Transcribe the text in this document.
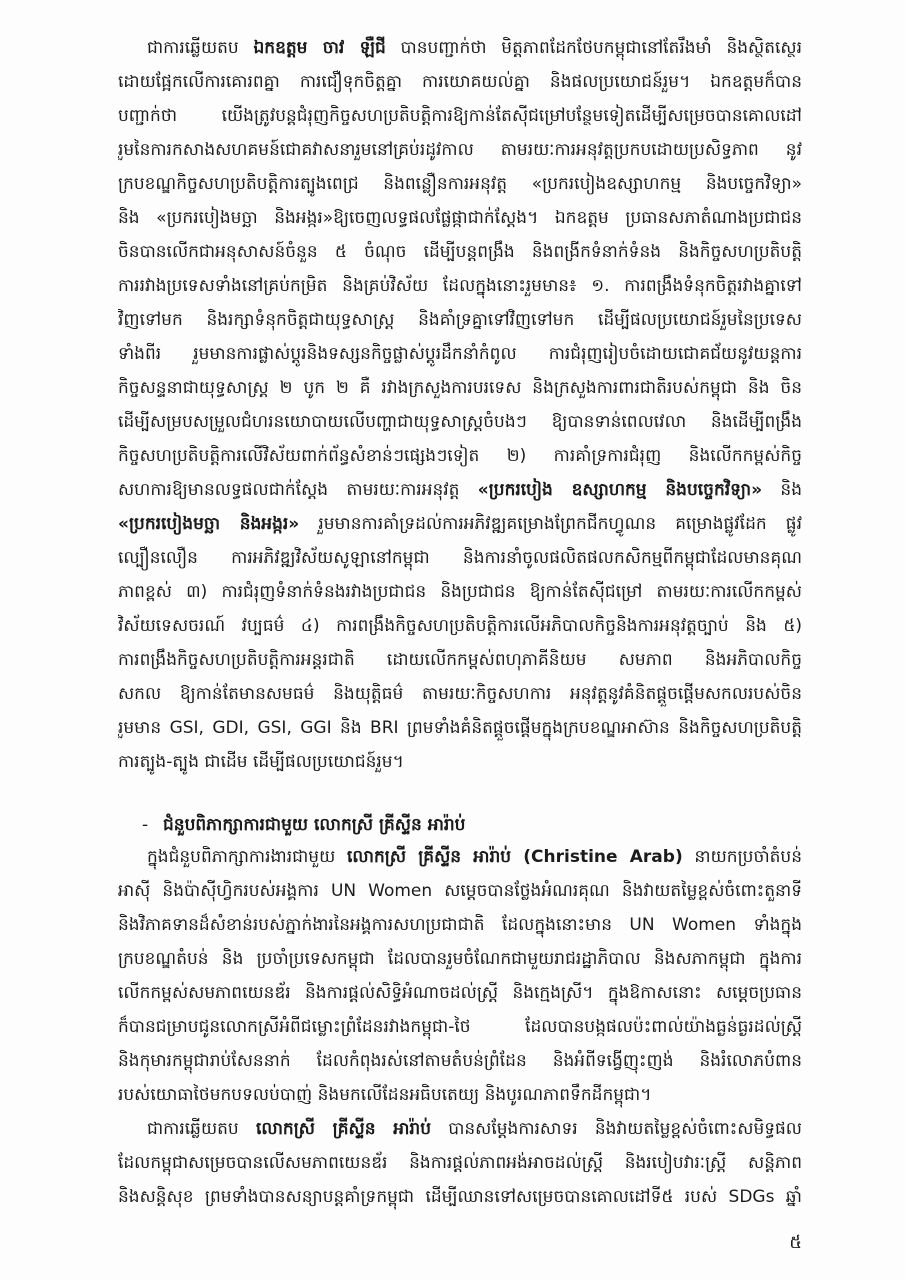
ជាការឆ្លើយតប ឯកឧត្តម ចាវ ឡឺជី បានបញ្ជាក់ថា មិត្តភាពដែកថែបកម្ពុជានៅតែរឹងមាំ និងស្ថិតស្ថេរ
ដោយផ្អែកលើការគោរពគ្នា ការជឿទុកចិត្តគ្នា ការយោគយល់គ្នា និងផលប្រយោជន៍រួម។ ឯកឧត្តមក៏បាន
បញ្ជាក់ថា យើងត្រូវបន្តជំរុញកិច្ចសហប្រតិបត្តិការឱ្យកាន់តែស៊ីជម្រៅបន្ថែមទៀតដើម្បីសម្រេចបានគោលដៅ
រួមនៃការកសាងសហគមន៍ជោគវាសនារួមនៅគ្រប់រដូវកាល តាមរយៈការអនុវត្តប្រកបដោយប្រសិទ្ធភាព នូវ
ក្របខណ្ឌកិច្ចសហប្រតិបត្តិការត្បូងពេជ្រ និងពន្លឿនការអនុវត្ត «ប្រករបៀងឧស្សាហកម្ម និងបច្ចេកវិទ្យា»
និង «ប្រករបៀងមច្ឆា និងអង្ករ»ឱ្យចេញលទ្ធផលផ្លែផ្កាជាក់ស្តែង។ ឯកឧត្តម ប្រធានសភាតំណាងប្រជាជន
ចិនបានលើកជាអនុសាសន៍ចំនួន ៥ ចំណុច ដើម្បីបន្តពង្រឹង និងពង្រីកទំនាក់ទំនង និងកិច្ចសហប្រតិបត្តិ
ការរវាងប្រទេសទាំងនៅគ្រប់កម្រិត និងគ្រប់វិស័យ ដែលក្នុងនោះរួមមាន៖ ១. ការពង្រឹងទំនុកចិត្តរវាងគ្នាទៅ
វិញទៅមក និងរក្សាទំនុកចិត្តជាយុទ្ធសាស្ត្រ និងគាំទ្រគ្នាទៅវិញទៅមក ដើម្បីផលប្រយោជន៍រួមនៃប្រទេស
ទាំងពីរ រួមមានការផ្លាស់ប្ដូរនិងទស្សនកិច្ចផ្លាស់ប្ដូរដឹកនាំកំពូល ការជំរុញរៀបចំដោយជោគជ័យនូវយន្តការ
កិច្ចសន្ទនាជាយុទ្ធសាស្ត្រ ២ បូក ២ គឺ រវាងក្រសួងការបរទេស និងក្រសួងការពារជាតិរបស់កម្ពុជា និង ចិន
ដើម្បីសម្របសម្រួលជំហរនយោបាយលើបញ្ហាជាយុទ្ធសាស្ត្រចំបងៗ ឱ្យបានទាន់ពេលវេលា និងដើម្បីពង្រឹង
កិច្ចសហប្រតិបត្តិការលើវិស័យពាក់ព័ន្ធសំខាន់ៗផ្សេងៗទៀត ២) ការគាំទ្រការជំរុញ និងលើកកម្ពស់កិច្ច
សហការឱ្យមានលទ្ធផលជាក់ស្តែង តាមរយៈការអនុវត្ត «ប្រករបៀង ឧស្សាហកម្ម និងបច្ចេកវិទ្យា» និង
«ប្រករបៀងមច្ឆា និងអង្ករ» រួមមានការគាំទ្រដល់ការអភិវឌ្ឍគម្រោងព្រែកជីកហ្វូណន គម្រោងផ្លូវដែក ផ្លូវ
ល្បឿនលឿន ការអភិវឌ្ឍវិស័យសូឡានៅកម្ពុជា និងការនាំចូលផលិតផលកសិកម្មពីកម្ពុជាដែលមានគុណ
ភាពខ្ពស់ ៣) ការជំរុញទំនាក់ទំនងរវាងប្រជាជន និងប្រជាជន ឱ្យកាន់តែស៊ីជម្រៅ តាមរយៈការលើកកម្ពស់
វិស័យទេសចរណ៍ វប្បធម៌ ៤) ការពង្រឹងកិច្ចសហប្រតិបត្តិការលើអភិបាលកិច្ចនិងការអនុវត្តច្បាប់ និង ៥)
ការពង្រឹងកិច្ចសហប្រតិបត្តិការអន្តរជាតិ ដោយលើកកម្ពស់ពហុភាគីនិយម សមភាព និងអភិបាលកិច្ច
សកល ឱ្យកាន់តែមានសមធម៌ និងយុត្តិធម៌ តាមរយៈកិច្ចសហការ អនុវត្តនូវគំនិតផ្តួចផ្តើមសកលរបស់ចិន
រួមមាន GSI, GDI, GSI, GGI និង BRI ព្រមទាំងគំនិតផ្តួចផ្តើមក្នុងក្របខណ្ឌអាស៊ាន និងកិច្ចសហប្រតិបត្តិ
ការត្បូង-ត្បូង ជាដើម ដើម្បីផលប្រយោជន៍រួម។
- ជំនួបពិភាក្សាការជាមួយ លោកស្រី គ្រីស្ទីន អារ៉ាប់
ក្នុងជំនួបពិភាក្សាការងារជាមួយ លោកស្រី គ្រីស្ទីន អារ៉ាប់ (Christine Arab) នាយកប្រចាំតំបន់
អាស៊ី និងប៉ាស៊ីហ្វិករបស់អង្គការ UN Women សម្ដេចបានថ្លែងអំណរគុណ និងវាយតម្លៃខ្ពស់ចំពោះតួនាទី
និងវិភាគទានដ៏សំខាន់របស់ភ្នាក់ងារនៃអង្គការសហប្រជាជាតិ ដែលក្នុងនោះមាន UN Women ទាំងក្នុង
ក្របខណ្ឌតំបន់ និង ប្រចាំប្រទេសកម្ពុជា ដែលបានរួមចំណែកជាមួយរាជរដ្ឋាភិបាល និងសភាកម្ពុជា ក្នុងការ
លើកកម្ពស់សមភាពយេនឌ័រ និងការផ្ដល់សិទ្ធិអំណាចដល់ស្ត្រី និងក្មេងស្រី។ ក្នុងឱកាសនោះ សម្ដេចប្រធាន
ក៏បានជម្រាបជូនលោកស្រីអំពីជម្លោះព្រំដែនរវាងកម្ពុជា-ថៃ ដែលបានបង្កផលប៉ះពាល់យ៉ាងធ្ងន់ធ្ងរដល់ស្ត្រី
និងកុមារកម្ពុជារាប់សែននាក់ ដែលកំពុងរស់នៅតាមតំបន់ព្រំដែន និងអំពីទង្វើញុះញង់ និងរំលោភបំពាន
របស់យោធាថៃមកបទលប់បាញ់ និងមកលើដែនអធិបតេយ្យ និងបូរណភាពទឹកដីកម្ពុជា។
ជាការឆ្លើយតប លោកស្រី គ្រីស្ទីន អារ៉ាប់ បានសម្ដែងការសាទរ និងវាយតម្លៃខ្ពស់ចំពោះសមិទ្ធផល
ដែលកម្ពុជាសម្រេចបានលើសមភាពយេនឌ័រ និងការផ្ដល់ភាពអង់អាចដល់ស្ត្រី និងរបៀបវារៈស្ត្រី សន្តិភាព
និងសន្តិសុខ ព្រមទាំងបានសន្យាបន្តគាំទ្រកម្ពុជា ដើម្បីឈានទៅសម្រេចបានគោលដៅទី៥ របស់ SDGs ឆ្នាំ
៥
